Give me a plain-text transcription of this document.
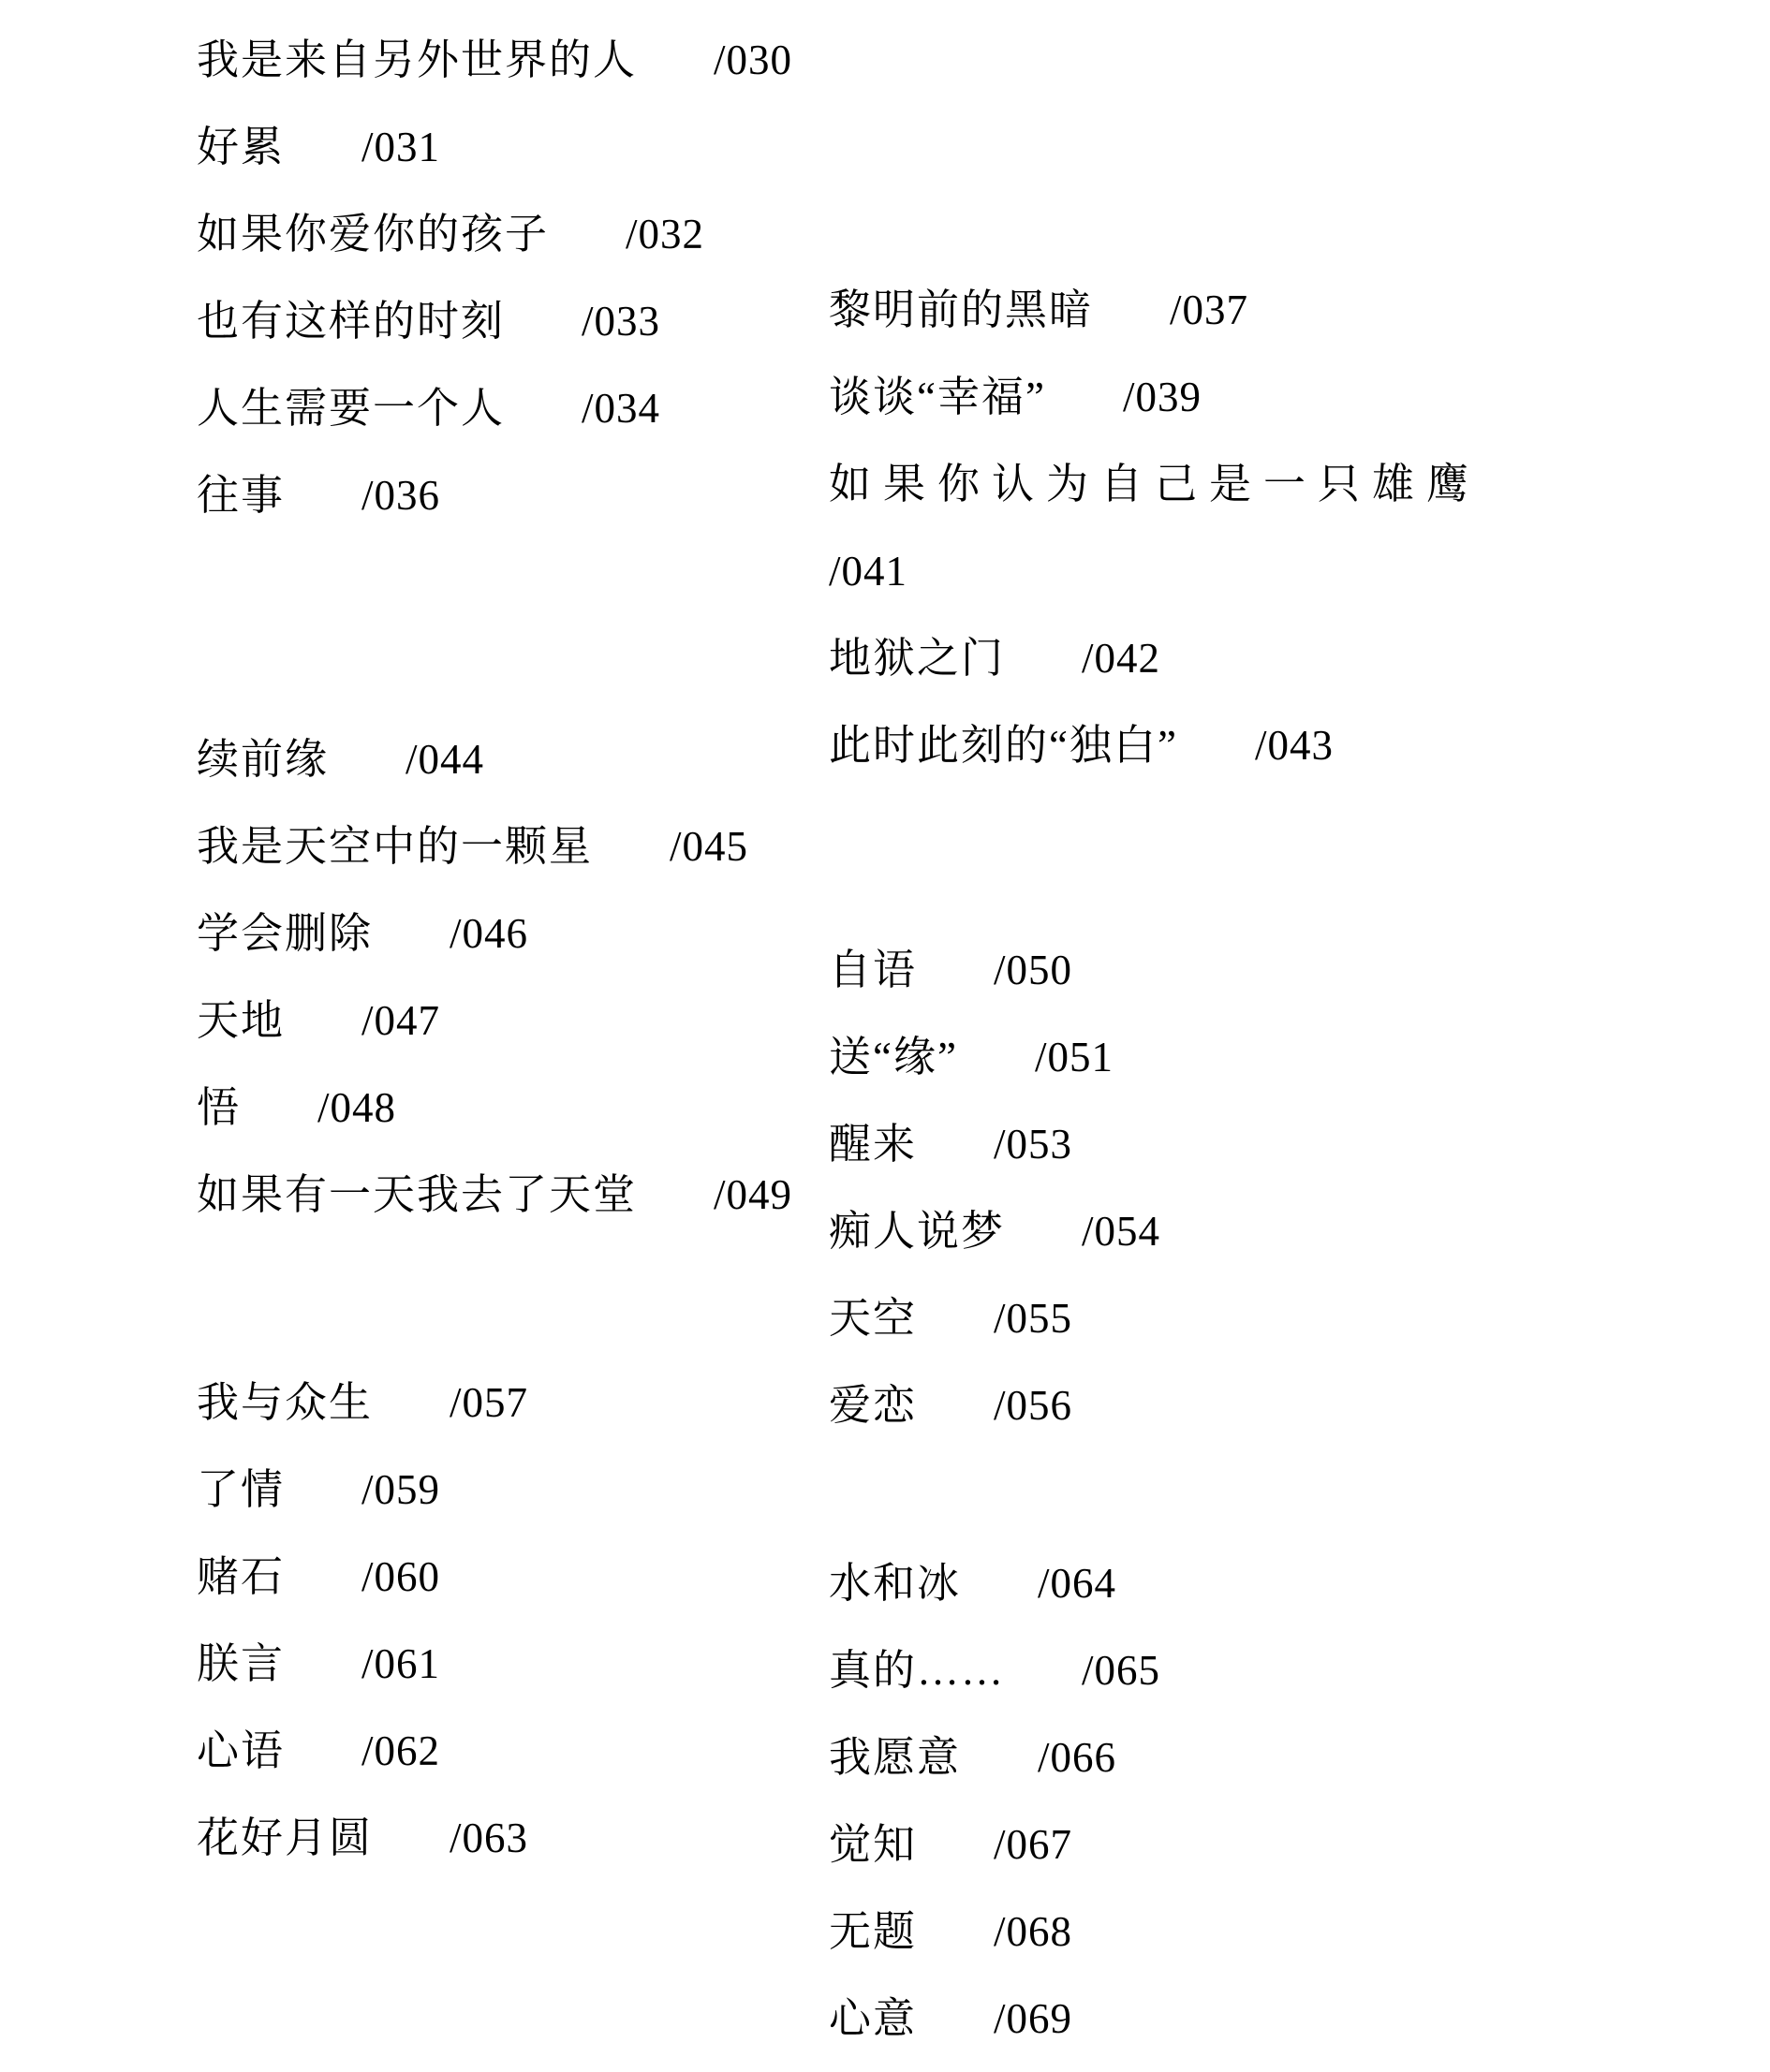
我是来自另外世界的人 /030
好累 /031
如果你爱你的孩子 /032
也有这样的时刻 /033
人生需要一个人 /034
往事 /036
续前缘 /044
我是天空中的一颗星 /045
学会删除 /046
天地 /047
悟 /048
如果有一天我去了天堂 /049
我与众生 /057
了情 /059
赌石 /060
朕言 /061
心语 /062
花好月圆 /063
黎明前的黑暗 /037
谈谈“幸福” /039
如果你认为自己是一只雄鹰
/041
地狱之门 /042
此时此刻的“独白” /043
自语 /050
送“缘” /051
醒来 /053
痴人说梦 /054
天空 /055
爱恋 /056
水和冰 /064
真的…… /065
我愿意 /066
觉知 /067
无题 /068
心意 /069
